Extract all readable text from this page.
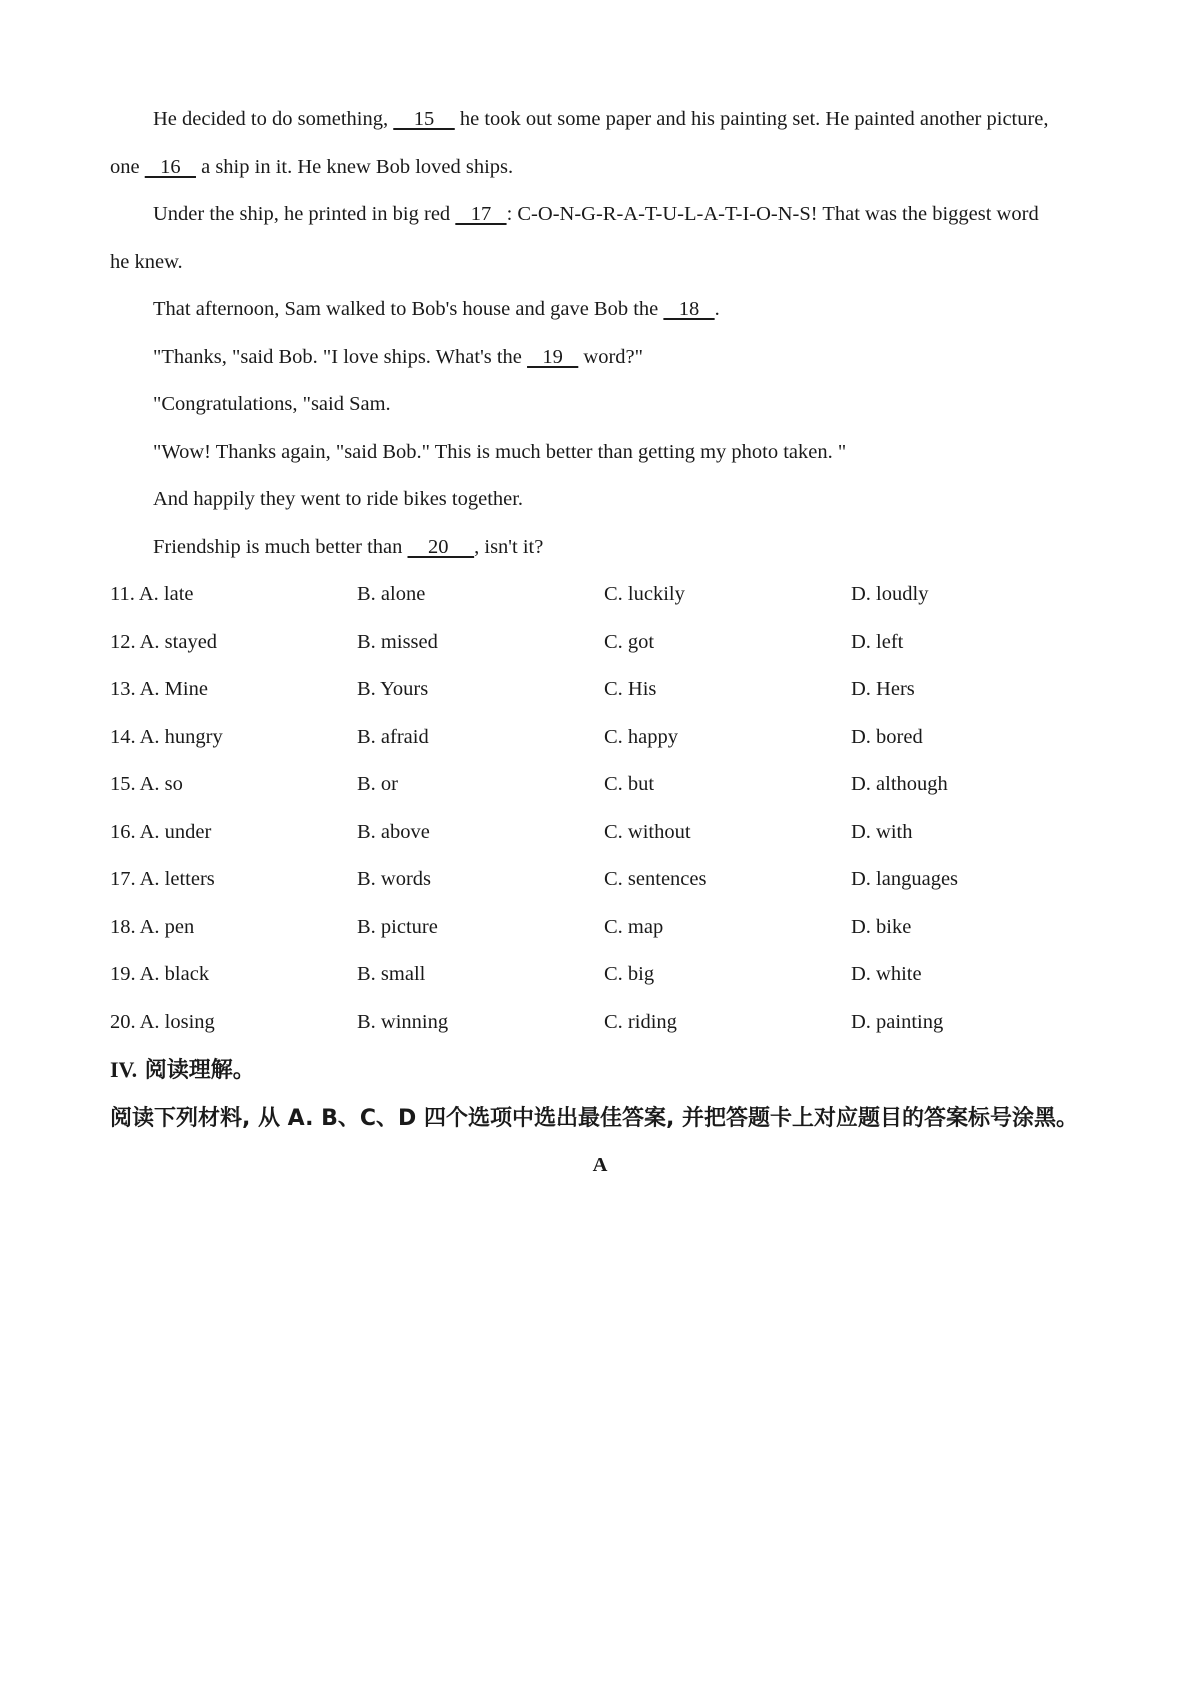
He decided to do something,     15     he took out some paper and his painting set. He painted another picture,
one    16    a ship in it. He knew Bob loved ships.
Under the ship, he printed in big red    17   : C-O-N-G-R-A-T-U-L-A-T-I-O-N-S! That was the biggest word
he knew.
That afternoon, Sam walked to Bob's house and gave Bob the    18   .
"Thanks, "said Bob. "I love ships. What's the    19    word?"
"Congratulations, "said Sam.
"Wow! Thanks again, "said Bob." This is much better than getting my photo taken. "
And happily they went to ride bikes together.
Friendship is much better than     20     , isn't it?
11. A. late	B. alone	C. luckily	D. loudly
12. A. stayed	B. missed	C. got	D. left
13. A. Mine	B. Yours	C. His	D. Hers
14. A. hungry	B. afraid	C. happy	D. bored
15. A. so	B. or	C. but	D. although
16. A. under	B. above	C. without	D. with
17. A. letters	B. words	C. sentences	D. languages
18. A. pen	B. picture	C. map	D. bike
19. A. black	B. small	C. big	D. white
20. A. losing	B. winning	C. riding	D. painting
IV. 阅读理解。
阅读下列材料, 从 A. B、C、D 四个选项中选出最佳答案, 并把答题卡上对应题目的答案标号涂黑。
A
